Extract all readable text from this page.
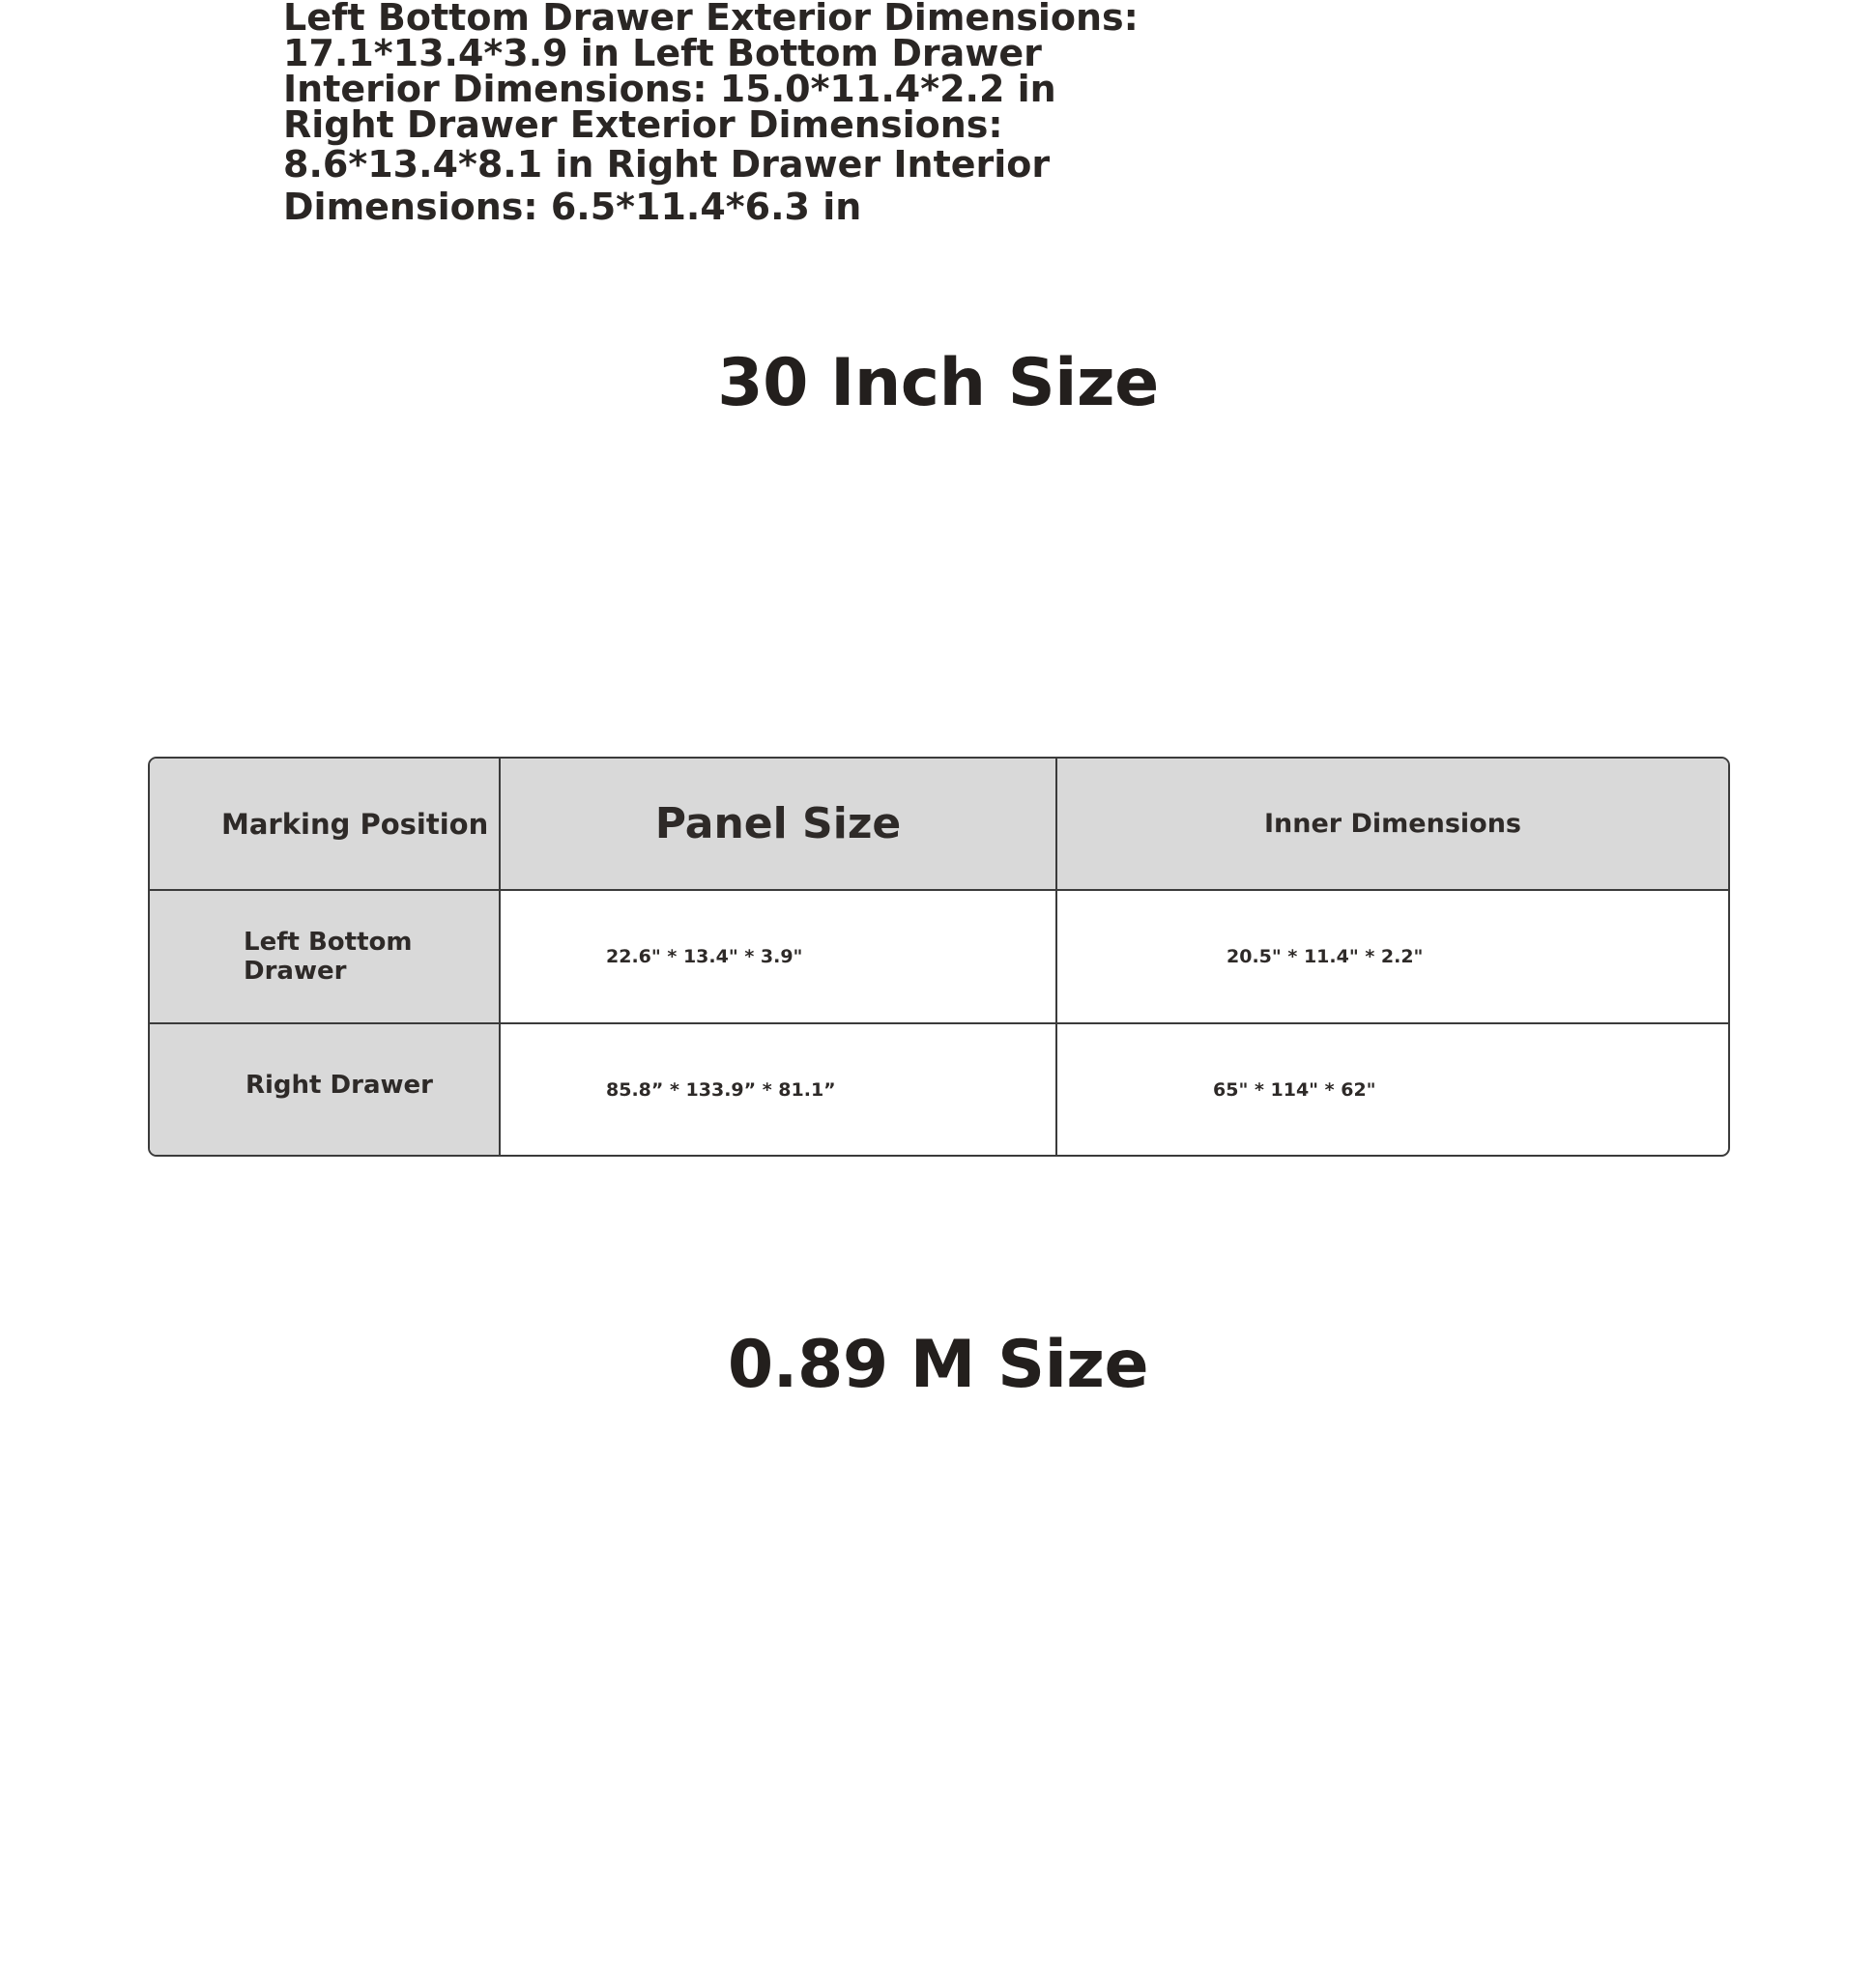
Left Bottom Drawer Exterior Dimensions:
17.1*13.4*3.9 in Left Bottom Drawer
Interior Dimensions: 15.0*11.4*2.2 in
Right Drawer Exterior Dimensions:
8.6*13.4*8.1 in Right Drawer Interior
Dimensions: 6.5*11.4*6.3 in
30 Inch Size
Marking Position	Panel Size	Inner Dimensions
Left Bottom Drawer	22.6" * 13.4" * 3.9"	20.5" * 11.4" * 2.2"
Right Drawer	85.8” * 133.9” * 81.1”	65" * 114" * 62"
0.89 M Size
